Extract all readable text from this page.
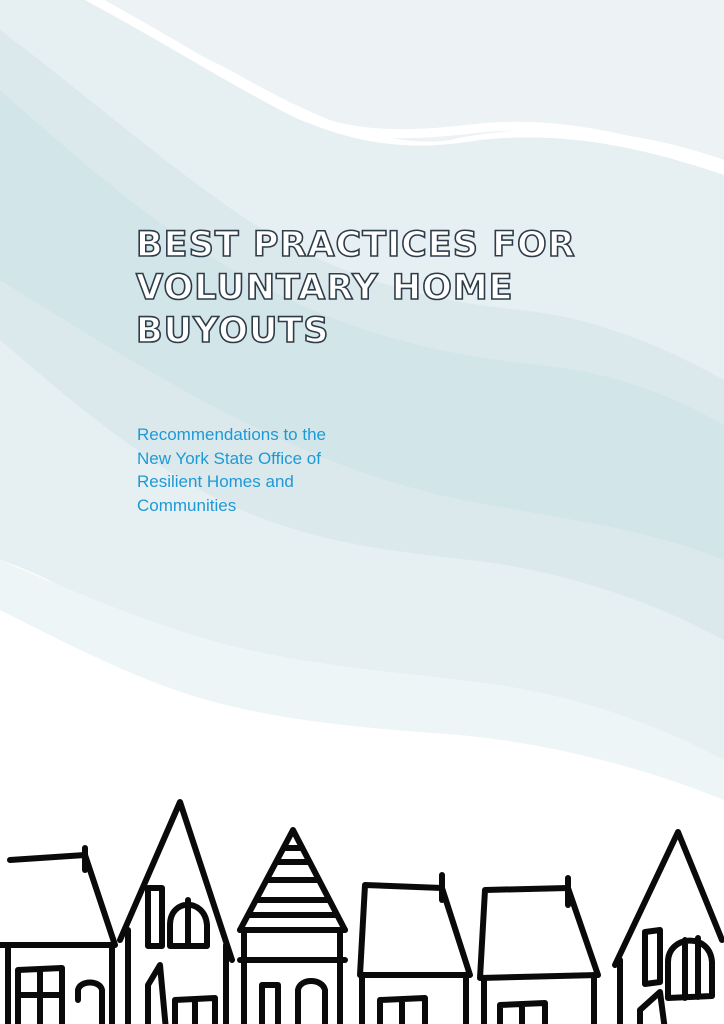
BEST PRACTICES FOR
VOLUNTARY HOME
BUYOUTS
Recommendations to the
New York State Office of
Resilient Homes and
Communities
